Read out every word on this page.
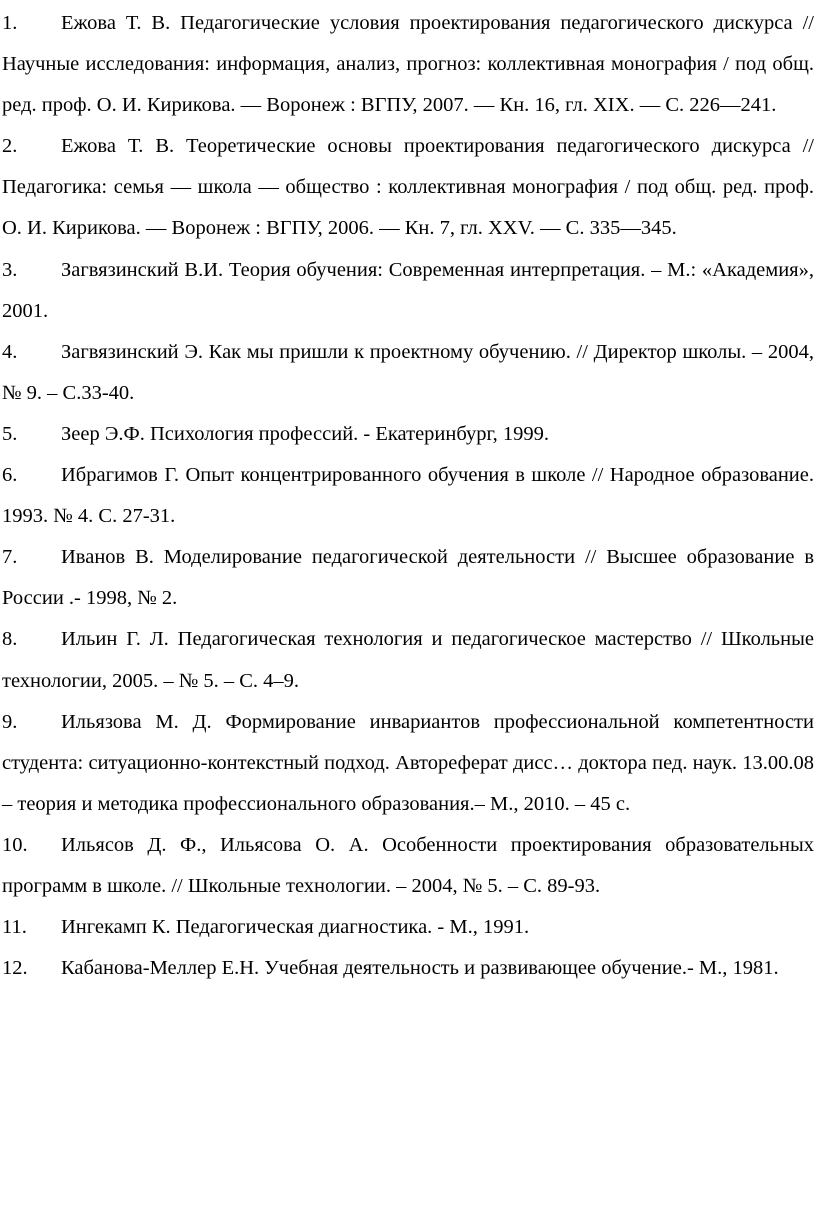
1. Ежова Т. В. Педагогические условия проектирования педагогического дискурса // Научные исследования: информация, анализ, прогноз: коллективная монография / под общ. ред. проф. О. И. Кирикова. — Воронеж : ВГПУ, 2007. — Кн. 16, гл. XIX. — С. 226—241.
2. Ежова Т. В. Теоретические основы проектирования педагогического дискурса // Педагогика: семья — школа — общество : коллективная монография / под общ. ред. проф. О. И. Кирикова. — Воронеж : ВГПУ, 2006. — Кн. 7, гл. XXV. — С. 335—345.
3. Загвязинский В.И. Теория обучения: Современная интерпретация. – М.: «Академия», 2001.
4. Загвязинский Э. Как мы пришли к проектному обучению. // Директор школы. – 2004, № 9. – С.33-40.
5. Зеер Э.Ф. Психология профессий. - Екатеринбург, 1999.
6. Ибрагимов Г. Опыт концентрированного обучения в школе // Народное образование. 1993. № 4. С. 27-31.
7. Иванов В. Моделирование педагогической деятельности // Высшее образование в России .- 1998, № 2.
8. Ильин Г. Л. Педагогическая технология и педагогическое мастерство // Школьные технологии, 2005. – № 5. – С. 4–9.
9. Ильязова М. Д. Формирование инвариантов профессиональной компетентности студента: ситуационно-контекстный подход. Автореферат дисс… доктора пед. наук. 13.00.08 – теория и методика профессионального образования.– М., 2010. – 45 с.
10. Ильясов Д. Ф., Ильясова О. А. Особенности проектирования образовательных программ в школе. // Школьные технологии. – 2004, № 5. – С. 89-93.
11. Ингекамп К. Педагогическая диагностика. - М., 1991.
12. Кабанова-Меллер Е.Н. Учебная деятельность и развивающее обучение.- М., 1981.
